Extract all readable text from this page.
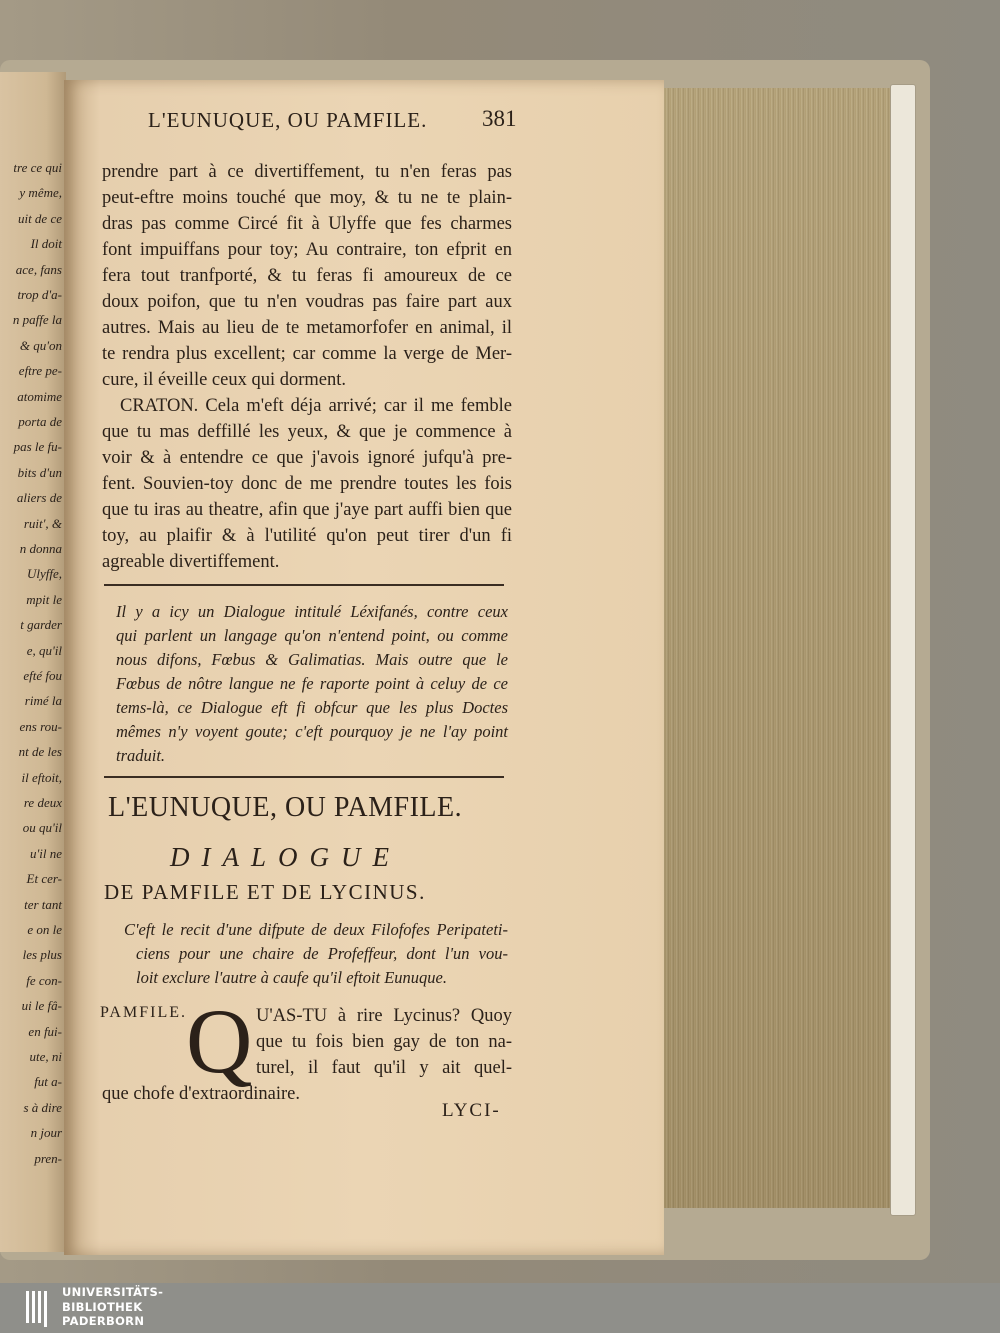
tre ce qui
y même,
uit de ce
Il doit
ace, fans
trop d'a-
n paffe la
& qu'on
eftre pe-
atomime
porta de
pas le fu-
bits d'un
aliers de
ruit', &
n donna
Ulyffe,
mpit le
t garder
e, qu'il
efté fou
rimé la
ens rou-
nt de les
il eftoit,
re deux
ou qu'il
u'il ne
Et cer-
ter tant
e on le
les plus
fe con-
ui le fâ-
en fui-
ute, ni
fut a-
s à dire
n jour
pren-
L'EUNUQUE, OU PAMFILE. 381
prendre part à ce divertiffement, tu n'en feras pas
peut-eftre moins touché que moy, & tu ne te plain-
dras pas comme Circé fit à Ulyffe que fes charmes
font impuiffans pour toy; Au contraire, ton efprit en
fera tout tranfporté, & tu feras fi amoureux de ce
doux poifon, que tu n'en voudras pas faire part aux
autres. Mais au lieu de te metamorfofer en animal, il
te rendra plus excellent; car comme la verge de Mer-
cure, il éveille ceux qui dorment.
CRATON. Cela m'eft déja arrivé; car il me femble
que tu mas deffillé les yeux, & que je commence à
voir & à entendre ce que j'avois ignoré jufqu'à pre-
fent. Souvien-toy donc de me prendre toutes les fois
que tu iras au theatre, afin que j'aye part auffi bien que
toy, au plaifir & à l'utilité qu'on peut tirer d'un fi
agreable divertiffement.
Il y a icy un Dialogue intitulé Léxifanés, contre ceux
qui parlent un langage qu'on n'entend point, ou comme
nous difons, Fœbus & Galimatias. Mais outre que le
Fœbus de nôtre langue ne fe raporte point à celuy de ce
tems-là, ce Dialogue eft fi obfcur que les plus Doctes
mêmes n'y voyent goute; c'eft pourquoy je ne l'ay point
traduit.
L'EUNUQUE, OU PAMFILE.
DIALOGUE
DE PAMFILE ET DE LYCINUS.
C'eft le recit d'une difpute de deux Filofofes Peripateti-
ciens pour une chaire de Profeffeur, dont l'un vou-
loit exclure l'autre à caufe qu'il eftoit Eunuque.
PAMFILE. Q U'AS-TU à rire Lycinus? Quoy
que tu fois bien gay de ton na-
turel, il faut qu'il y ait quel-
que chofe d'extraordinaire.
LYCI-
UNIVERSITÄTS-
BIBLIOTHEK
PADERBORN
